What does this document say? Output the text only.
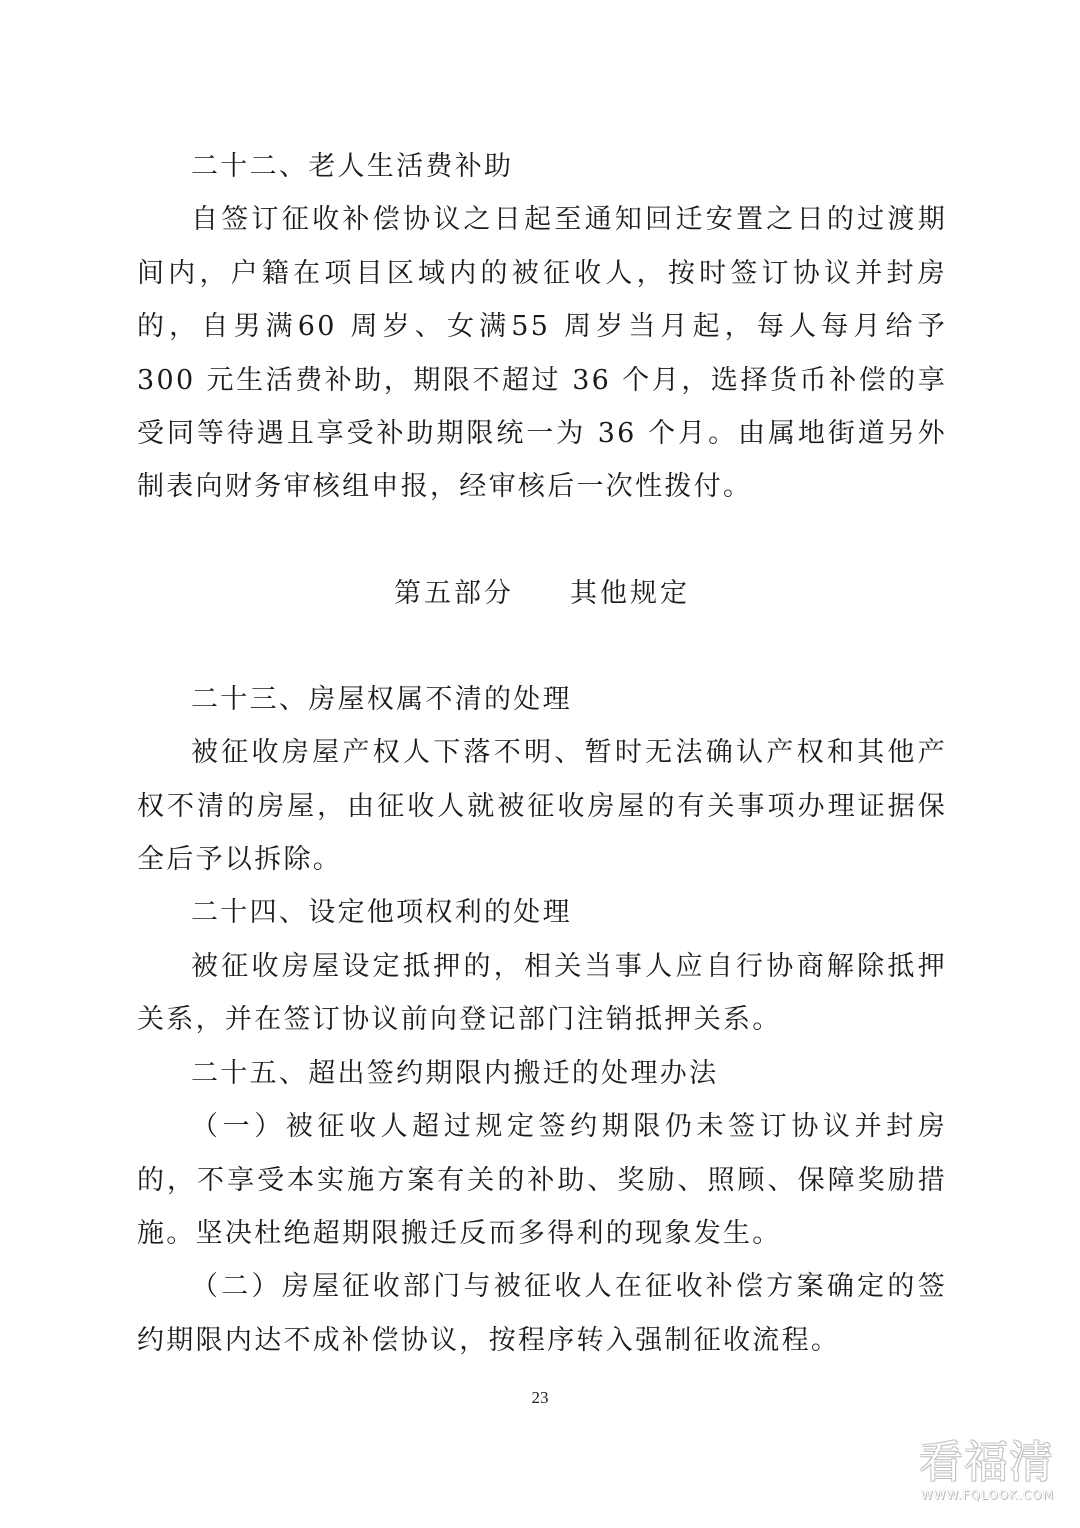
二十二、老人生活费补助
自签订征收补偿协议之日起至通知回迁安置之日的过渡期间内，户籍在项目区域内的被征收人，按时签订协议并封房的，自男满60 周岁、女满55 周岁当月起，每人每月给予 300 元生活费补助，期限不超过 36 个月，选择货币补偿的享受同等待遇且享受补助期限统一为 36 个月。由属地街道另外制表向财务审核组申报，经审核后一次性拨付。
第五部分 其他规定
二十三、房屋权属不清的处理
被征收房屋产权人下落不明、暂时无法确认产权和其他产权不清的房屋，由征收人就被征收房屋的有关事项办理证据保全后予以拆除。
二十四、设定他项权利的处理
被征收房屋设定抵押的，相关当事人应自行协商解除抵押关系，并在签订协议前向登记部门注销抵押关系。
二十五、超出签约期限内搬迁的处理办法
（一）被征收人超过规定签约期限仍未签订协议并封房的，不享受本实施方案有关的补助、奖励、照顾、保障奖励措施。坚决杜绝超期限搬迁反而多得利的现象发生。
（二）房屋征收部门与被征收人在征收补偿方案确定的签约期限内达不成补偿协议，按程序转入强制征收流程。
23
看福清
WWW.FQLOOK.COM
